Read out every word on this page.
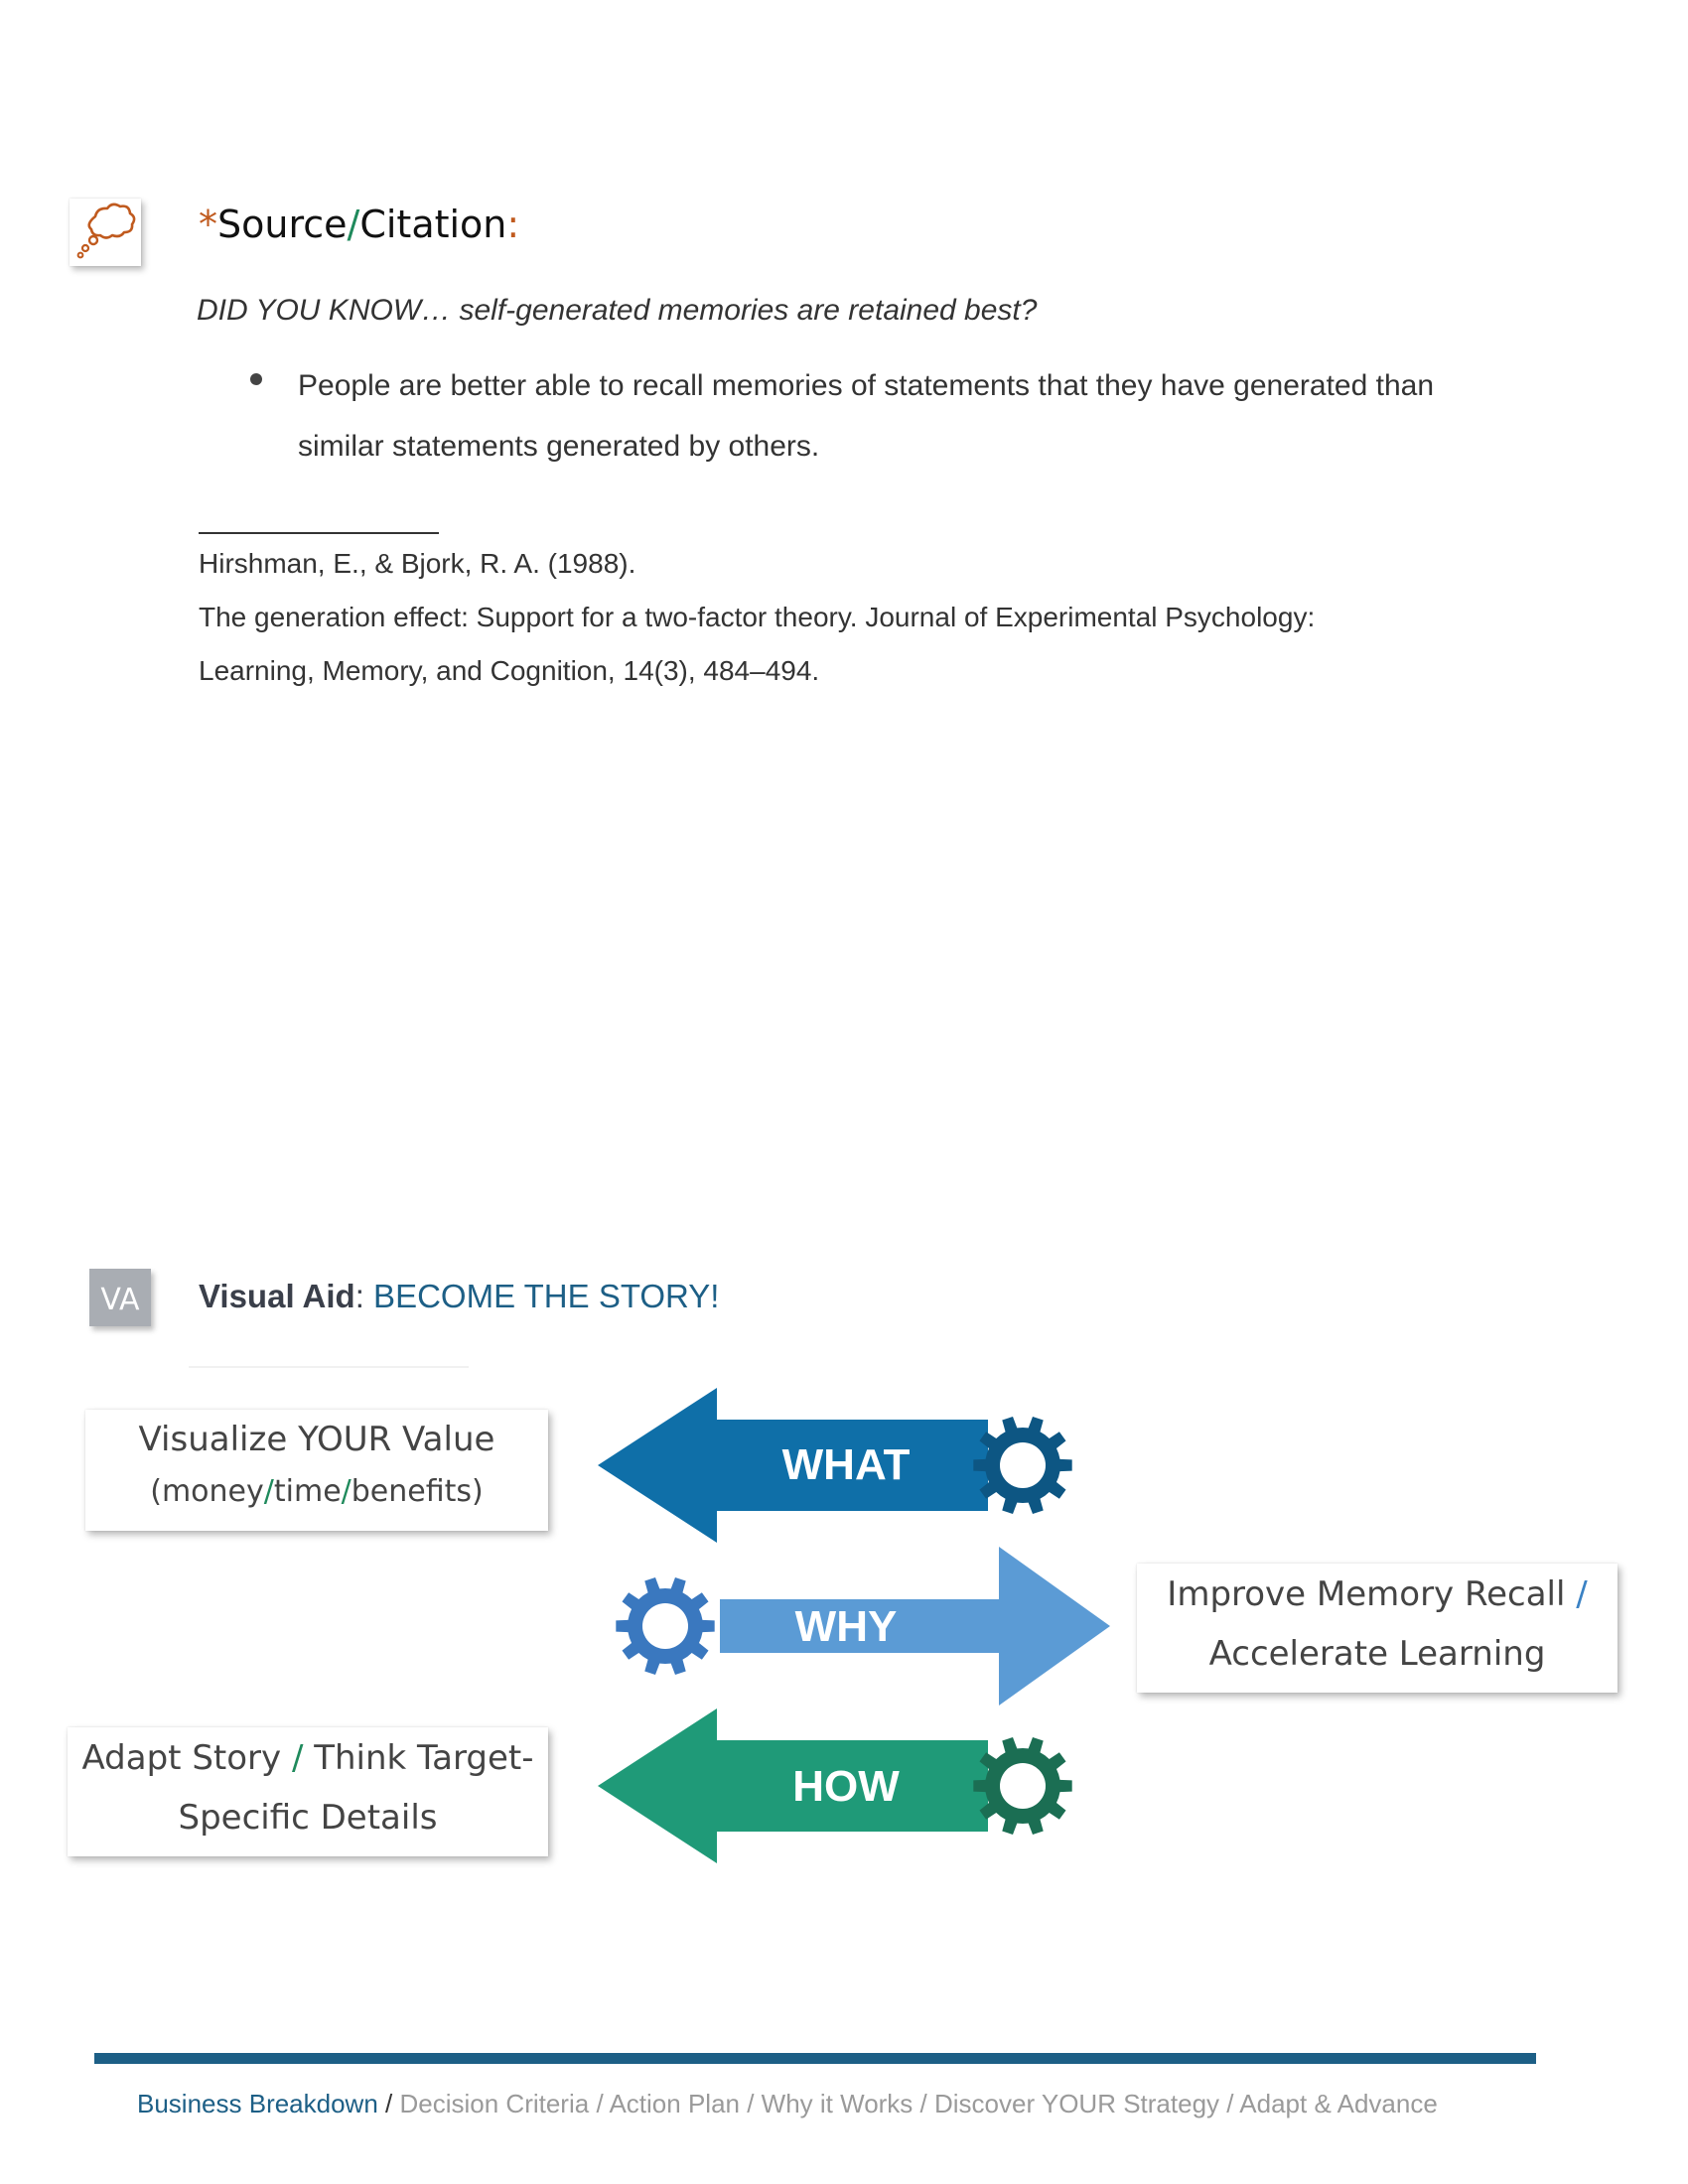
*Source/Citation:
DID YOU KNOW… self-generated memories are retained best?
People are better able to recall memories of statements that they have generated than similar statements generated by others.
Hirshman, E., & Bjork, R. A. (1988).
The generation effect: Support for a two-factor theory. Journal of Experimental Psychology:
Learning, Memory, and Cognition, 14(3), 484–494.
VA Visual Aid: BECOME THE STORY!
Visualize YOUR Value
(money/time/benefits)
Improve Memory Recall /
Accelerate Learning
Adapt Story / Think Target-
Specific Details
WHAT
WHY
HOW
Business Breakdown / Decision Criteria / Action Plan / Why it Works / Discover YOUR Strategy / Adapt & Advance
